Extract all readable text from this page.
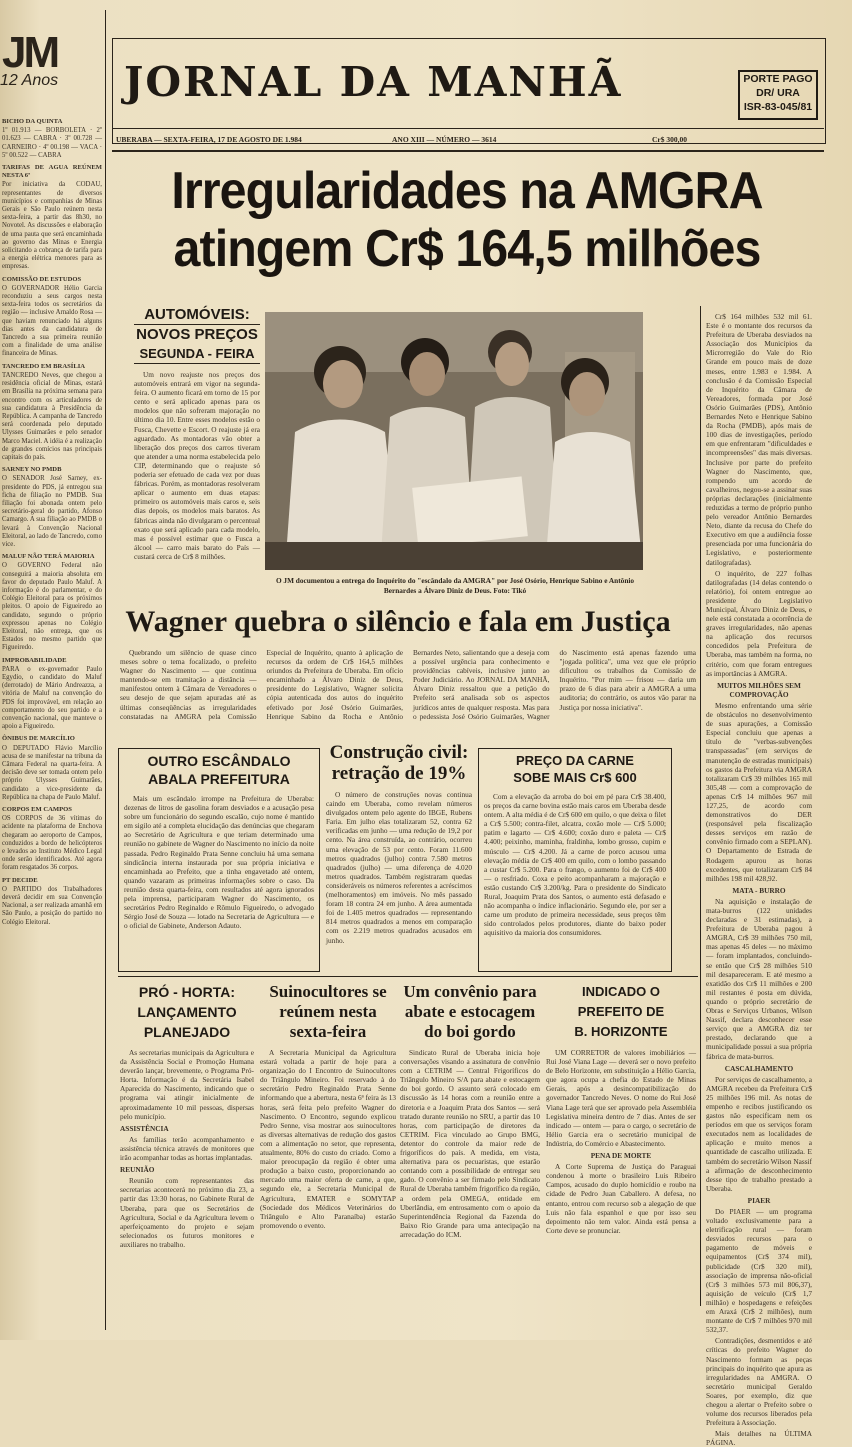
JM
12 Anos
BICHO DA QUINTA
1º 01.913 — BORBOLETA · 2º 01.623 — CABRA · 3º 00.728 — CARNEIRO · 4º 00.198 — VACA · 5º 00.522 — CABRA
TARIFAS DE AGUA REÚNEM NESTA 6ª
Por iniciativa da CODAU, representantes de diversos municípios e companhias de Minas Gerais e São Paulo reúnem nesta sexta-feira, a partir das 8h30, no Novotel. As discussões e elaboração de uma pauta que será encaminhada ao governo das Minas e Energia solicitando a cobrança de tarifa para a energia elétrica menores para as empresas.
COMISSÃO DE ESTUDOS
O GOVERNADOR Hélio Garcia reconduziu a seus cargos nesta sexta-feira todos os secretários da região — inclusive Arnaldo Rosa — que haviam renunciado há alguns dias antes da candidatura de Tancredo a sua primeira reunião com a finalidade de uma análise financeira de Minas.
TANCREDO EM BRASÍLIA
TANCREDO Neves, que chegou a residência oficial de Minas, estará em Brasília na próxima semana para encontro com os articuladores de sua candidatura à Presidência da República. A campanha de Tancredo será coordenada pelo deputado Ulysses Guimarães e pelo senador Marco Maciel. A idéia é a realização de grandes comícios nas principais capitais do país.
SARNEY NO PMDB
O SENADOR José Sarney, ex-presidente do PDS, já entregou sua ficha de filiação no PMDB. Sua filiação foi abonada ontem pelo secretário-geral do partido, Afonso Camargo. A sua filiação ao PMDB o levará à Convenção Nacional Eleitoral, ao lado de Tancredo, como vice.
MALUF NÃO TERÁ MAIORIA
O GOVERNO Federal não conseguirá a maioria absoluta em favor do deputado Paulo Maluf. A informação é do parlamentar, e do Colégio Eleitoral para os próximos pleitos. O apoio de Figueiredo ao candidato, segundo o próprio expressou apenas no Colégio Eleitoral, não entrega, que os Estados no mesmo partido que Figueiredo.
IMPROBABILIDADE
PARA o ex-governador Paulo Egydio, o candidato do Maluf (derrotado) de Mário Andreazza, a vitória de Maluf na convenção do PDS foi improvável, em relação ao comportamento do seu partido e a convenção nacional, que manteve o apoio a Figueiredo.
ÔNIBUS DE MARCÍLIO
O DEPUTADO Flávio Marcílio acusa de se manifestar na tribuna da Câmara Federal na quarta-feira. A decisão deve ser tomada ontem pelo próprio Ulysses Guimarães, candidato a vice-presidente da República na chapa de Paulo Maluf.
CORPOS EM CAMPOS
OS CORPOS de 36 vítimas do acidente na plataforma de Enchova chegaram ao aeroporto de Campos, conduzidos a bordo de helicópteros e levados ao Instituto Médico Legal onde serão identificados. Até agora foram resgatados 36 corpos.
PT DECIDE
O PARTIDO dos Trabalhadores deverá decidir em sua Convenção Nacional, a ser realizada amanhã em São Paulo, a posição do partido no Colégio Eleitoral.
JORNAL DA MANHÃ	PORTE PAGO
DR/ URA
ISR-83-045/81
UBERABA — SEXTA-FEIRA, 17 DE AGOSTO DE 1.984	ANO XIII — NÚMERO — 3614	Cr$ 300,00
Irregularidades na AMGRA
atingem Cr$ 164,5 milhões
AUTOMÓVEIS:
NOVOS PREÇOS
SEGUNDA - FEIRA

Um novo reajuste nos preços dos automóveis entrará em vigor na segunda-feira. O aumento ficará em torno de 15 por cento e será aplicado apenas para os modelos que não sofreram majoração no último dia 10. Entre esses modelos estão o Fusca, Chevette e Escort. O reajuste já era aguardado. As montadoras vão obter a liberação dos preços dos carros tiveram que atender a uma norma estabelecida pelo CIP, determinando que o reajuste só poderia ser efetuado de cada vez por duas fábricas. Porém, as montadoras resolveram aplicar o aumento em duas etapas: primeiro os automóveis mais caros e, seis dias depois, os modelos mais baratos. As fábricas ainda não divulgaram o percentual exato que será aplicado para cada modelo, mas é possível estimar que o Fusca a álcool — carro mais barato do País — custará cerca de Cr$ 8 milhões.

O JM documentou a entrega do Inquérito do "escândalo da AMGRA" por José Osório, Henrique Sabino e Antônio Bernardes a Álvaro Diniz de Deus. Foto: Tikó

Cr$ 164 milhões 532 mil 61. Este é o montante dos recursos da Prefeitura de Uberaba desviados na Associação dos Municípios da Microrregião do Vale do Rio Grande em pouco mais de doze meses, entre 1.983 e 1.984. A conclusão é da Comissão Especial de Inquérito da Câmara de Vereadores, formada por José Osório Guimarães (PDS), Antônio Bernardes Neto e Henrique Sabino da Rocha (PMDB), após mais de 100 dias de investigações, período em que enfrentaram "dificuldades e incompreensões" das mais diversas. Inclusive por parte do prefeito Wagner do Nascimento, que, rompendo um acordo de cavalheiros, negou-se a assinar suas próprias declarações (inicialmente reduzidas a termo de próprio punho pelo vereador Antônio Bernardes Neto, diante da recusa do Chefe do Executivo em que a audiência fosse presenciada por uma funcionária do Legislativo, e posteriormente datilografadas).

O inquérito, de 227 folhas datilografadas (14 delas contendo o relatório), foi ontem entregue ao presidente do Legislativo Municipal, Álvaro Diniz de Deus, e nele está constatada a ocorrência de graves irregularidades, não apenas na aplicação dos recursos concedidos pela Prefeitura de Uberaba, mas também na forma, no critério, com que foram entregues as importâncias à AMGRA.

MUITOS MILHÕES SEM COMPROVAÇÃO

Mesmo enfrentando uma série de obstáculos no desenvolvimento de suas apurações, a Comissão Especial concluiu que apenas a título de "verbas-subvenções transpassadas" (em serviços de manutenção de estradas municipais) os gastos da Prefeitura via AMGRA totalizaram Cr$ 39 milhões 165 mil 305,48 — com a comprovação de apenas Cr$ 14 milhões 967 mil 127,25, de acordo com demonstrativos do DER (responsável pela fiscalização desses serviços em razão de convênio firmado com a SEPLAN). O Departamento de Estrada de Rodagem apurou as horas excedentes, que totalizaram Cr$ 84 milhões 198 mil 428,92.

MATA - BURRO

Na aquisição e instalação de mata-burros (122 unidades declaradas e 31 estimadas), a Prefeitura de Uberaba pagou à AMGRA, Cr$ 39 milhões 750 mil, mas apenas 45 deles — no máximo — foram implantados, concluindo-se então que Cr$ 28 milhões 510 mil desapareceram. E até mesmo a exatidão dos Cr$ 11 milhões e 200 mil restantes é posta em dúvida, quando o próprio secretário de Obras e Serviços Urbanos, Wilson Nassif, declara desconhecer esse serviço que a AMGRA diz ter prestado, declarando que a municipalidade possui a sua própria fábrica de mata-burros.

CASCALHAMENTO

Por serviços de cascalhamento, a AMGRA recebeu da Prefeitura Cr$ 25 milhões 196 mil. As notas de empenho e recibos justificando os gastos não especificam nem os períodos em que os serviços foram executados nem as localidades de aplicação e muito menos a quantidade de cascalho utilizada. E também do secretário Wilson Nassif a afirmação de desconhecimento desse tipo de trabalho prestado a Uberaba.

PIAER

Do PIAER — um programa voltado exclusivamente para a eletrificação rural — foram desviados recursos para o pagamento de móveis e equipamentos (Cr$ 374 mil), publicidade (Cr$ 320 mil), associação de imprensa não-oficial (Cr$ 3 milhões 573 mil 806,37), aquisição de veículo (Cr$ 1,7 milhão) e hospedagens e refeições em Araxá (Cr$ 2 milhões), num montante de Cr$ 7 milhões 970 mil 532,37.

Contradições, desmentidos e até críticas do prefeito Wagner do Nascimento formam as peças principais do inquérito que apura as irregularidades na AMGRA. O secretário municipal Geraldo Soares, por exemplo, diz que chegou a alertar o Prefeito sobre o volume dos recursos liberados pela Prefeitura à Associação.

Mais detalhes na ÚLTIMA PÁGINA.

Wagner quebra o silêncio e fala em Justiça

Quebrando um silêncio de quase cinco meses sobre o tema focalizado, o prefeito Wagner do Nascimento — que continua mantendo-se em tramitação a distância — manifestou ontem à Câmara de Vereadores o seu desejo de que sejam apuradas até as últimas conseqüências as irregularidades constatadas na AMGRA pela Comissão Especial de Inquérito, quanto à aplicação de recursos da ordem de Cr$ 164,5 milhões oriundos da Prefeitura de Uberaba. Em ofício encaminhado a Álvaro Diniz de Deus, presidente do Legislativo, Wagner solicita cópia autenticada dos autos do inquérito efetivado por José Osório Guimarães, Henrique Sabino da Rocha e Antônio Bernardes Neto, salientando que a deseja com a possível urgência para conhecimento e providências cabíveis, inclusive junto ao Poder Judiciário. Ao JORNAL DA MANHÃ, Álvaro Diniz ressaltou que a petição do Prefeito será analisada sob os aspectos jurídicos antes de qualquer resposta. Mas para o pedessista José Osório Guimarães, Wagner do Nascimento está apenas fazendo uma "jogada política", uma vez que ele próprio dificultou os trabalhos da Comissão de Inquérito. "Por mim — frisou — daria um prazo de 6 dias para abrir a AMGRA a uma auditoria; do contrário, os autos vão parar na Justiça por nossa iniciativa".

OUTRO ESCÂNDALO
ABALA PREFEITURA

Mais um escândalo irrompe na Prefeitura de Uberaba: dezenas de litros de gasolina foram desviados e a acusação pesa sobre um funcionário do segundo escalão, cujo nome é mantido em sigilo até a completa elucidação das denúncias que chegaram ao Secretário de Agricultura e que teriam determinado uma reunião no gabinete de Wagner do Nascimento no início da noite passada. Pedro Reginaldo Prata Senne concluiu há uma semana sindicância interna instaurada por sua própria iniciativa e encaminhada ao Prefeito, que a tinha engavetado até ontem, quando vazaram as primeiras informações sobre o caso. Da reunião desta quarta-feira, com resultados até agora ignorados pela imprensa, participaram Wagner do Nascimento, os secretários Pedro Reginaldo e Rômulo Figueiredo, o advogado Sérgio José de Souza — lotado na Secretaria de Agricultura — e o oficial de Gabinete, Anderson Adauto.

Construção civil: retração de 19%

O número de construções novas continua caindo em Uberaba, como revelam números divulgados ontem pelo agente do IBGE, Rubens Faria. Em julho elas totalizaram 52, contra 62 verificadas em junho — uma redução de 19,2 por cento. Na área construída, ao contrário, ocorreu uma elevação de 53 por cento. Foram 11.600 metros quadrados (julho) contra 7.580 metros quadrados (julho) — uma diferença de 4.020 metros quadrados. Também registraram quedas consideráveis os números referentes a acréscimos (melhoramentos) em imóveis. No mês passado foram 18 contra 24 em junho. A área aumentada foi de 1.405 metros quadrados — representando 814 metros quadrados a menos em comparação com os 2.219 metros quadrados acusados em junho.

PREÇO DA CARNE
SOBE MAIS Cr$ 600

Com a elevação da arroba do boi em pé para Cr$ 38.400, os preços da carne bovina estão mais caros em Uberaba desde ontem. A alta média é de Cr$ 600 em quilo, o que deixa o filet a Cr$ 5.500; contra-filet, alcatra, coxão mole — Cr$ 5.000; patim e lagarto — Cr$ 4.600; coxão duro e paleta — Cr$ 4.400; peixinho, maminha, fraldinha, lombo grosso, cupim e músculo — Cr$ 4.200. Já a carne de porco acusou uma elevação média de Cr$ 400 em quilo, com o lombo passando a custar Cr$ 5.200. Para o frango, o aumento foi de Cr$ 400 — o resfriado. Coxa e peito acompanharam a majoração e estão custando Cr$ 3.200/kg. Para o presidente do Sindicato Rural, Joaquim Prata dos Santos, o aumento está defasado e não acompanha o índice inflacionário. Segundo ele, por ser a carne um produto de primeira necessidade, seus preços têm sido controlados pelos produtores, diante do baixo poder aquisitivo da maioria dos consumidores.

PRÓ - HORTA:
LANÇAMENTO
PLANEJADO

As secretarias municipais da Agricultura e da Assistência Social e Promoção Humana deverão lançar, brevemente, o Programa Pró-Horta. Informação é da Secretária Isabel Aparecida do Nascimento, indicando que o programa vai atingir inicialmente de aproximadamente 10 mil pessoas, dispersas pelo município.

ASSISTÊNCIA

As famílias terão acompanhamento e assistência técnica através de monitores que irão acompanhar todas as hortas implantadas.

REUNIÃO

Reunião com representantes das secretarias acontecerá no próximo dia 23, a partir das 13:30 horas, no Gabinete Rural de Uberaba, para que os Secretários de Agricultura, Social e da Agricultura levem o aperfeiçoamento do projeto e sejam selecionados os futuros monitores e auxiliares no trabalho.

Suinocultores se reúnem nesta sexta-feira

A Secretaria Municipal da Agricultura estará voltada a partir de hoje para a organização do I Encontro de Suinocultores do Triângulo Mineiro. Foi reservado à do secretário Pedro Reginaldo Prata Senne informando que a abertura, nesta 6ª feira às 13 horas, será feita pelo prefeito Wagner do Nascimento. O Encontro, segundo explicou Pedro Senne, visa mostrar aos suinocultores as diversas alternativas de redução dos gastos com a alimentação no setor, que representa, atualmente, 80% do custo do criado. Como a maior preocupação da região é obter uma produção a baixo custo, proporcionando ao mercado uma maior oferta de carne, a que, segundo ele, a Secretaria Municipal de Agricultura, EMATER e SOMYTAP (Sociedade dos Médicos Veterinários do Triângulo e Alto Paranaíba) estarão promovendo o evento.

Um convênio para abate e estocagem do boi gordo

Sindicato Rural de Uberaba inicia hoje conversações visando a assinatura de convênio com a CETRIM — Central Frigoríficos do Triângulo Mineiro S/A para abate e estocagem do boi gordo. O assunto será colocado em discussão às 14 horas com a reunião entre a diretoria e a Joaquim Prata dos Santos — será tratado durante reunião no SRU, a partir das 10 horas, com participação de diretores da CETRIM. Fica vinculado ao Grupo BMG, detentor do controle da maior rede de frigoríficos do país. A medida, em vista, alternativa para os pecuaristas, que estarão contando com a possibilidade de entregar seu gado. O convênio a ser firmado pelo Sindicato Rural de Uberaba também frigorífico da região, a ordem pela OMEGA, entidade em Uberlândia, em entrosamento com o apoio da Superintendência Regional da Fazenda do Baixo Rio Grande para uma antecipação na arrecadação do ICM.

INDICADO O
PREFEITO DE
B. HORIZONTE

UM CORRETOR de valores imobiliários — Rui José Viana Lage — deverá ser o novo prefeito de Belo Horizonte, em substituição a Hélio Garcia, que agora ocupa a chefia do Estado de Minas Gerais, após a desincompatibilização do governador Tancredo Neves. O nome do Rui José Viana Lage terá que ser aprovado pela Assembléia Legislativa mineira dentro de 7 dias. Antes de ser indicado — ontem — para o cargo, o secretário de Hélio Garcia era o secretário municipal de Indústria, do Comércio e Abastecimento.

PENA DE MORTE

A Corte Suprema de Justiça do Paraguai condenou à morte o brasileiro Luis Ribeiro Campos, acusado do duplo homicídio e roubo na cidade de Pedro Juan Caballero. A defesa, no entanto, entrou com recurso sob a alegação de que Luis não fala espanhol e que por isso seu depoimento não tem valor. Ainda está pensa a Corte deve se pronunciar.
